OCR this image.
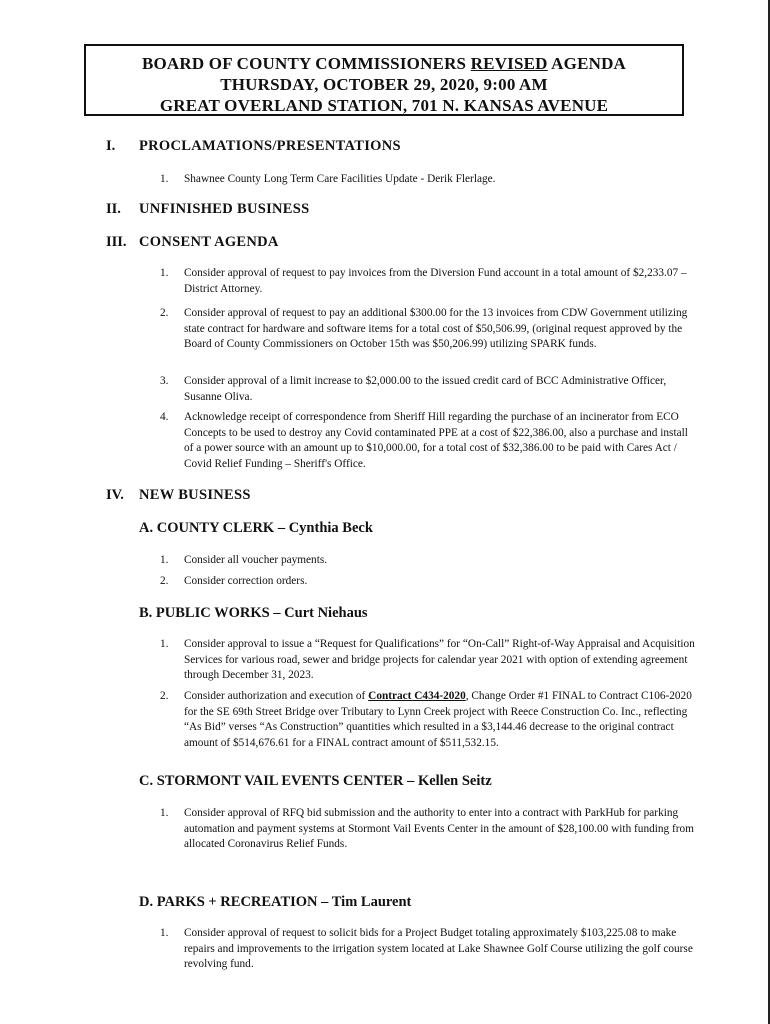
BOARD OF COUNTY COMMISSIONERS REVISED AGENDA
THURSDAY, OCTOBER 29, 2020, 9:00 AM
GREAT OVERLAND STATION, 701 N. KANSAS AVENUE
I. PROCLAMATIONS/PRESENTATIONS
1.	Shawnee County Long Term Care Facilities Update - Derik Flerlage.
II. UNFINISHED BUSINESS
III. CONSENT AGENDA
1.	Consider approval of request to pay invoices from the Diversion Fund account in a total amount of $2,233.07 – District Attorney.
2.	Consider approval of request to pay an additional $300.00 for the 13 invoices from CDW Government utilizing state contract for hardware and software items for a total cost of $50,506.99, (original request approved by the Board of County Commissioners on October 15th was $50,206.99) utilizing SPARK funds.
3.	Consider approval of a limit increase to $2,000.00 to the issued credit card of BCC Administrative Officer, Susanne Oliva.
4.	Acknowledge receipt of correspondence from Sheriff Hill regarding the purchase of an incinerator from ECO Concepts to be used to destroy any Covid contaminated PPE at a cost of $22,386.00, also a purchase and install of a power source with an amount up to $10,000.00, for a total cost of $32,386.00 to be paid with Cares Act / Covid Relief Funding – Sheriff's Office.
IV. NEW BUSINESS
A. COUNTY CLERK – Cynthia Beck
1.	Consider all voucher payments.
2.	Consider correction orders.
B. PUBLIC WORKS – Curt Niehaus
1.	Consider approval to issue a “Request for Qualifications” for “On-Call” Right-of-Way Appraisal and Acquisition Services for various road, sewer and bridge projects for calendar year 2021 with option of extending agreement through December 31, 2023.
2.	Consider authorization and execution of Contract C434-2020, Change Order #1 FINAL to Contract C106-2020 for the SE 69th Street Bridge over Tributary to Lynn Creek project with Reece Construction Co. Inc., reflecting “As Bid” verses “As Construction” quantities which resulted in a $3,144.46 decrease to the original contract amount of $514,676.61 for a FINAL contract amount of $511,532.15.
C. STORMONT VAIL EVENTS CENTER – Kellen Seitz
1.	Consider approval of RFQ bid submission and the authority to enter into a contract with ParkHub for parking automation and payment systems at Stormont Vail Events Center in the amount of $28,100.00 with funding from allocated Coronavirus Relief Funds.
D. PARKS + RECREATION – Tim Laurent
1.	Consider approval of request to solicit bids for a Project Budget totaling approximately $103,225.08 to make repairs and improvements to the irrigation system located at Lake Shawnee Golf Course utilizing the golf course revolving fund.
